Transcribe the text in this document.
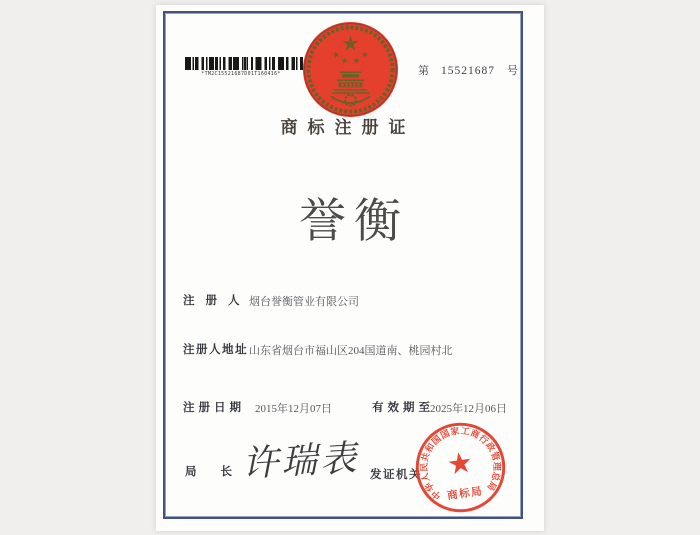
*TM2C15521687D01T160416*	第 15521687 号
商标注册证
誉衡
注册人
烟台誉衡管业有限公司
注册人地址 山东省烟台市福山区204国道南、桃园村北
注册日期 2015年12月07日	有效期至
2025年12月06日
局长
许瑞表 发证机关
中华人民共和国国家工商行政管理总局
商标局
